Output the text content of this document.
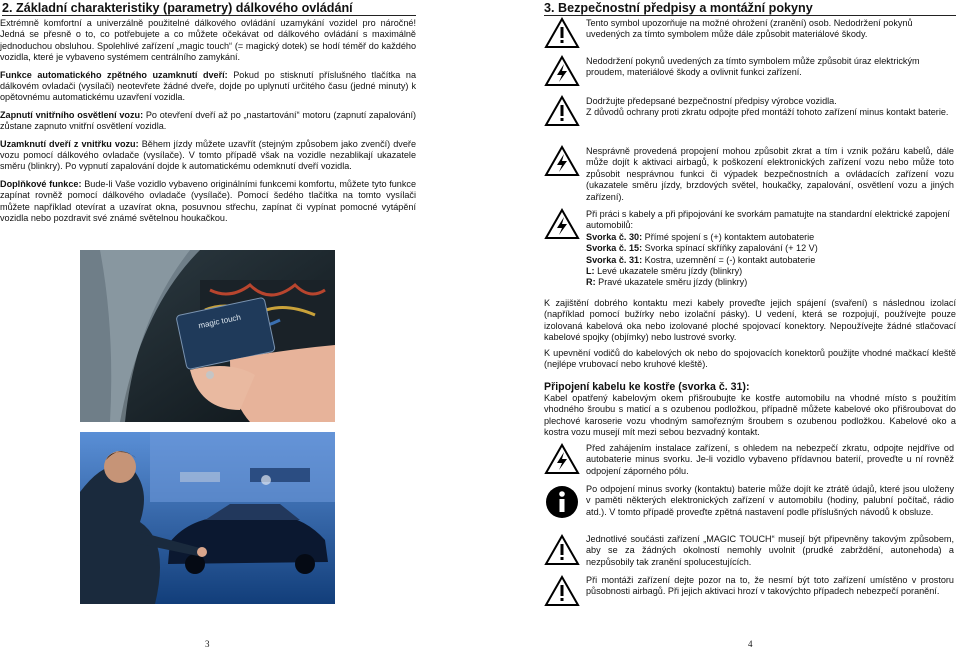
2. Základní charakteristiky (parametry) dálkového ovládání

Extrémně komfortní a univerzálně použitelné dálkového ovládání uzamykání vozidel pro náročné! Jedná se přesně o to, co potřebujete a co můžete očekávat od dálkového ovládání s maximálně jednoduchou obsluhou. Spolehlivé zařízení „magic touch“ (= magický dotek) se hodí téměř do každého vozidla, které je vybaveno systémem centrálního zamykání.

Funkce automatického zpětného uzamknutí dveří: Pokud po stisknutí příslušného tlačítka na dálkovém ovladači (vysílači) neotevřete žádné dveře, dojde po uplynutí určitého času (jedné minuty) k opětovnému automatickému uzavření vozidla.

Zapnutí vnitřního osvětlení vozu: Po otevření dveří až po „nastartování“ motoru (zapnutí zapalování) zůstane zapnuto vnitřní osvětlení vozidla.

Uzamknutí dveří z vnitřku vozu: Během jízdy můžete uzavřít (stejným způsobem jako zvenčí) dveře vozu pomocí dálkového ovladače (vysílače). V tomto případě však na vozidle nezablikají ukazatele směru (blinkry). Po vypnutí zapalování dojde k automatickému odemknutí dveří vozidla.

Doplňkové funkce: Bude-li Vaše vozidlo vybaveno originálními funkcemi komfortu, můžete tyto funkce zapínat rovněž pomocí dálkového ovladače (vysílače). Pomocí šedého tlačítka na tomto vysílači můžete například otevírat a uzavírat okna, posuvnou střechu, zapínat či vypínat pomocné vytápění vozidla nebo pozdravit své známé světelnou houkačkou.

magic touch
3
3. Bezpečnostní předpisy a montážní pokyny
4

Tento symbol upozorňuje na možné ohrožení (zranění) osob. Nedodržení pokynů uvedených za tímto symbolem může dále způsobit materiálové škody.

Nedodržení pokynů uvedených za tímto symbolem může způsobit úraz elektrickým proudem, materiálové škody a ovlivnit funkci zařízení.

Dodržujte předepsané bezpečnostní předpisy výrobce vozidla.

Z důvodů ochrany proti zkratu odpojte před montáží tohoto zařízení minus kontakt baterie.

Nesprávně provedená propojení mohou způsobit zkrat a tím i vznik požáru kabelů, dále může dojít k aktivaci airbagů, k poškození elektronických zařízení vozu nebo může toto způsobit nesprávnou funkci či výpadek bezpečnostních a ovládacích zařízení vozu (ukazatele směru jízdy, brzdových světel, houkačky, zapalování, osvětlení vozu a jiných zařízení).

Při práci s kabely a při připojování ke svorkám pamatujte na standardní elektrické zapojení automobilů:

Svorka č. 30: Přímé spojení s (+) kontaktem autobaterie

Svorka č. 15: Svorka spínací skříňky zapalování (+ 12 V)

Svorka č. 31: Kostra, uzemnění = (-) kontakt autobaterie

L: Levé ukazatele směru jízdy (blinkry)

R: Pravé ukazatele směru jízdy (blinkry)

K zajištění dobrého kontaktu mezi kabely proveďte jejich spájení (svaření) s následnou izolací (například pomocí bužírky nebo izolační pásky). U vedení, která se rozpojují, používejte pouze izolovaná kabelová oka nebo izolované ploché spojovací konektory. Nepoužívejte žádné stlačovací kabelové spojky (objímky) nebo lustrové svorky.
K upevnění vodičů do kabelových ok nebo do spojovacích konektorů použijte vhodné mačkací kleště (nejlépe vrubovací nebo kruhové kleště).
Připojení kabelu ke kostře (svorka č. 31):
Kabel opatřený kabelovým okem přišroubujte ke kostře automobilu na vhodné místo s použitím vhodného šroubu s maticí a s ozubenou podložkou, případně můžete kabelové oko přišroubovat do plechové karoserie vozu vhodným samořezným šroubem s ozubenou podložkou. Kabelové oko a kostra vozu musejí mít mezi sebou bezvadný kontakt.

Před zahájením instalace zařízení, s ohledem na nebezpečí zkratu, odpojte nejdříve od autobaterie minus svorku. Je-li vozidlo vybaveno přídavnou baterií, proveďte u ní rovněž odpojení záporného pólu.

Po odpojení minus svorky (kontaktu) baterie může dojít ke ztrátě údajů, které jsou uloženy v paměti některých elektronických zařízení v automobilu (hodiny, palubní počítač, rádio atd.). V tomto případě proveďte zpětná nastavení podle příslušných návodů k obsluze.

Jednotlivé součásti zařízení „MAGIC TOUCH“ musejí být připevněny takovým způsobem, aby se za žádných okolností nemohly uvolnit (prudké zabrždění, autonehoda) a nezpůsobily tak zranění spolucestujících.

Při montáži zařízení dejte pozor na to, že nesmí být toto zařízení umístěno v prostoru působnosti airbagů. Při jejich aktivaci hrozí v takovýchto případech nebezpečí poranění.
